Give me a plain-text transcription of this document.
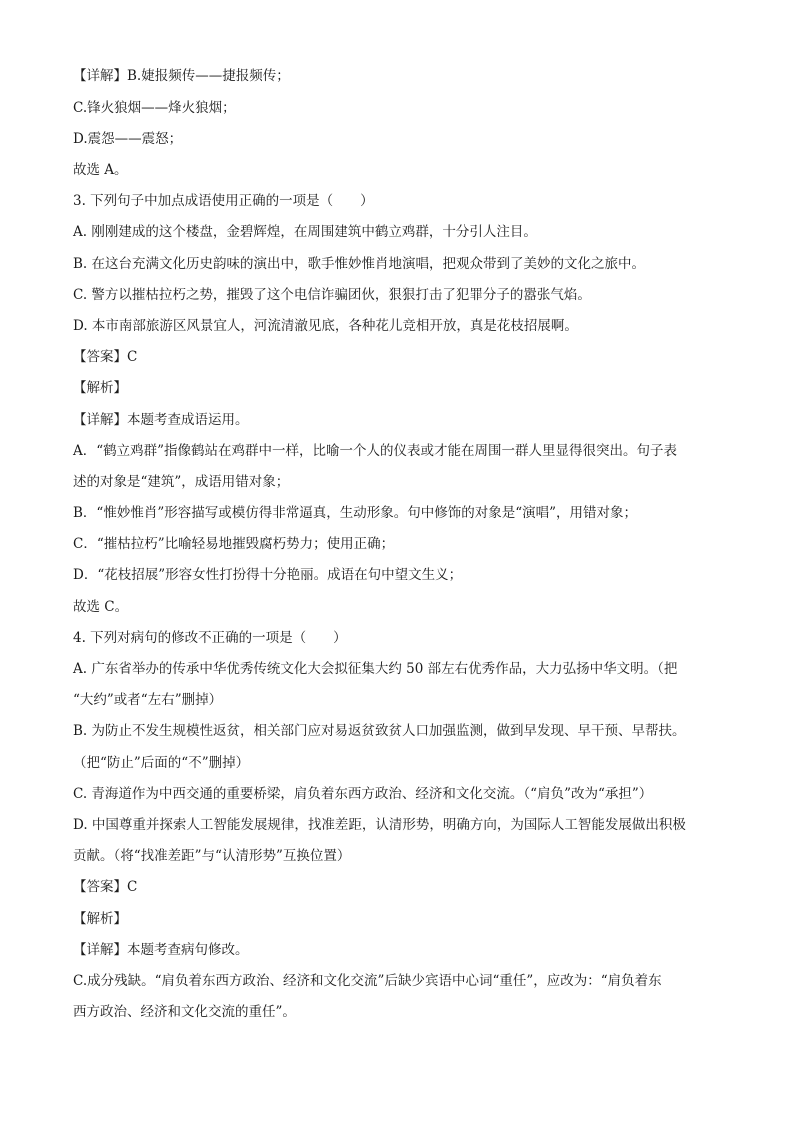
【详解】B.婕报频传——捷报频传；
C.锋火狼烟——烽火狼烟；
D.震怨——震怒；
故选 A。
3. 下列句子中加点成语使用正确的一项是（　　）
A. 刚刚建成的这个楼盘，金碧辉煌，在周围建筑中鹤立鸡群，十分引人注目。
B. 在这台充满文化历史韵味的演出中，歌手惟妙惟肖地演唱，把观众带到了美妙的文化之旅中。
C. 警方以摧枯拉朽之势，摧毁了这个电信诈骗团伙，狠狠打击了犯罪分子的嚣张气焰。
D. 本市南部旅游区风景宜人，河流清澈见底，各种花儿竞相开放，真是花枝招展啊。
【答案】C
【解析】
【详解】本题考查成语运用。
A．“鹤立鸡群”指像鹤站在鸡群中一样，比喻一个人的仪表或才能在周围一群人里显得很突出。句子表
述的对象是“建筑”，成语用错对象；
B．“惟妙惟肖”形容描写或模仿得非常逼真，生动形象。句中修饰的对象是“演唱”，用错对象；
C．“摧枯拉朽”比喻轻易地摧毁腐朽势力；使用正确；
D．“花枝招展”形容女性打扮得十分艳丽。成语在句中望文生义；
故选 C。
4. 下列对病句的修改不正确的一项是（　　）
A. 广东省举办的传承中华优秀传统文化大会拟征集大约 50 部左右优秀作品，大力弘扬中华文明。（把
“大约”或者“左右”删掉）
B. 为防止不发生规模性返贫，相关部门应对易返贫致贫人口加强监测，做到早发现、早干预、早帮扶。
（把“防止”后面的“不”删掉）
C. 青海道作为中西交通的重要桥梁，肩负着东西方政治、经济和文化交流。（“肩负”改为“承担”）
D. 中国尊重并探索人工智能发展规律，找准差距，认清形势，明确方向，为国际人工智能发展做出积极
贡献。（将“找准差距”与“认清形势”互换位置）
【答案】C
【解析】
【详解】本题考查病句修改。
C.成分残缺。“肩负着东西方政治、经济和文化交流”后缺少宾语中心词“重任”，应改为：“肩负着东
西方政治、经济和文化交流的重任”。
